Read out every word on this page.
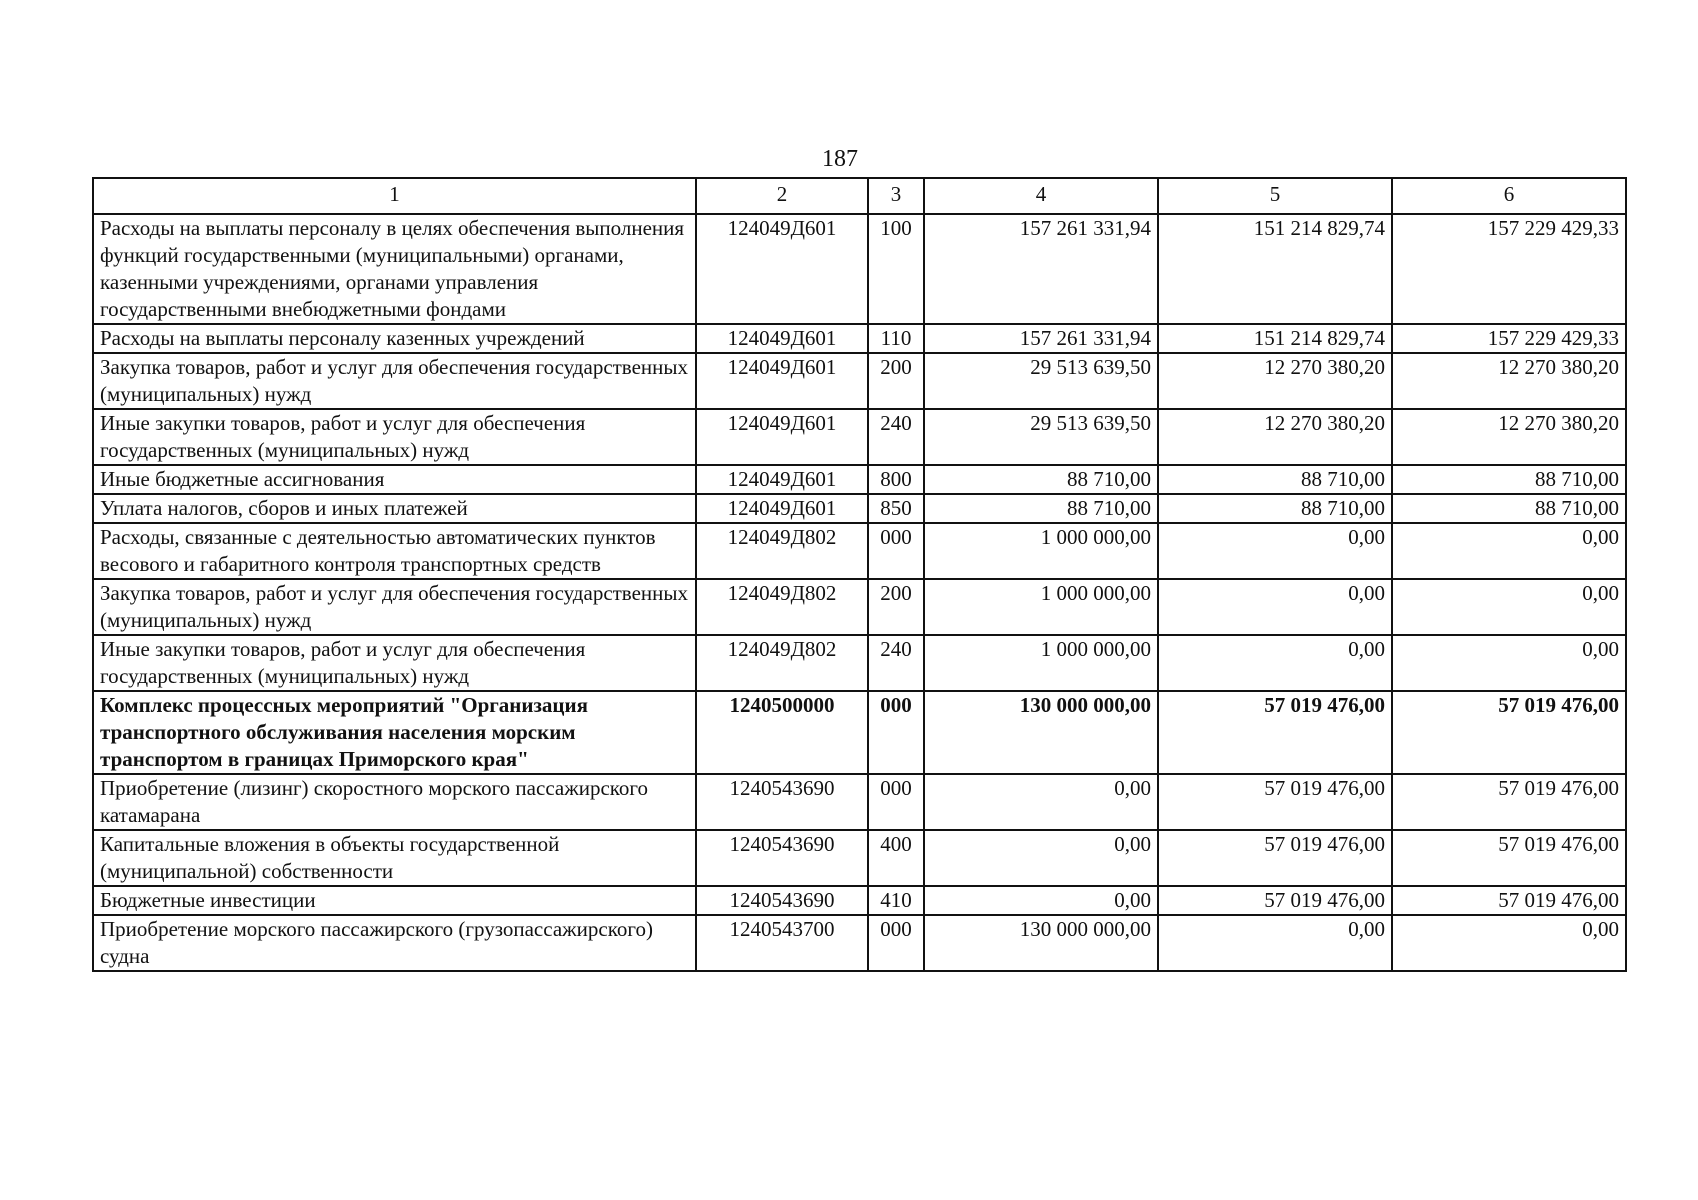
187
1	2	3	4	5	6
Расходы на выплаты персоналу в целях обеспечения выполнения функций государственными (муниципальными) органами, казенными учреждениями, органами управления государственными внебюджетными фондами	124049Д601	100	157 261 331,94	151 214 829,74	157 229 429,33
Расходы на выплаты персоналу казенных учреждений	124049Д601	110	157 261 331,94	151 214 829,74	157 229 429,33
Закупка товаров, работ и услуг для обеспечения государственных (муниципальных) нужд	124049Д601	200	29 513 639,50	12 270 380,20	12 270 380,20
Иные закупки товаров, работ и услуг для обеспечения государственных (муниципальных) нужд	124049Д601	240	29 513 639,50	12 270 380,20	12 270 380,20
Иные бюджетные ассигнования	124049Д601	800	88 710,00	88 710,00	88 710,00
Уплата налогов, сборов и иных платежей	124049Д601	850	88 710,00	88 710,00	88 710,00
Расходы, связанные с деятельностью автоматических пунктов весового и габаритного контроля транспортных средств	124049Д802	000	1 000 000,00	0,00	0,00
Закупка товаров, работ и услуг для обеспечения государственных (муниципальных) нужд	124049Д802	200	1 000 000,00	0,00	0,00
Иные закупки товаров, работ и услуг для обеспечения государственных (муниципальных) нужд	124049Д802	240	1 000 000,00	0,00	0,00
Комплекс процессных мероприятий "Организация транспортного обслуживания населения морским транспортом в границах Приморского края"	1240500000	000	130 000 000,00	57 019 476,00	57 019 476,00
Приобретение (лизинг) скоростного морского пассажирского катамарана	1240543690	000	0,00	57 019 476,00	57 019 476,00
Капитальные вложения в объекты государственной (муниципальной) собственности	1240543690	400	0,00	57 019 476,00	57 019 476,00
Бюджетные инвестиции	1240543690	410	0,00	57 019 476,00	57 019 476,00
Приобретение морского пассажирского (грузопассажирского) судна	1240543700	000	130 000 000,00	0,00	0,00
